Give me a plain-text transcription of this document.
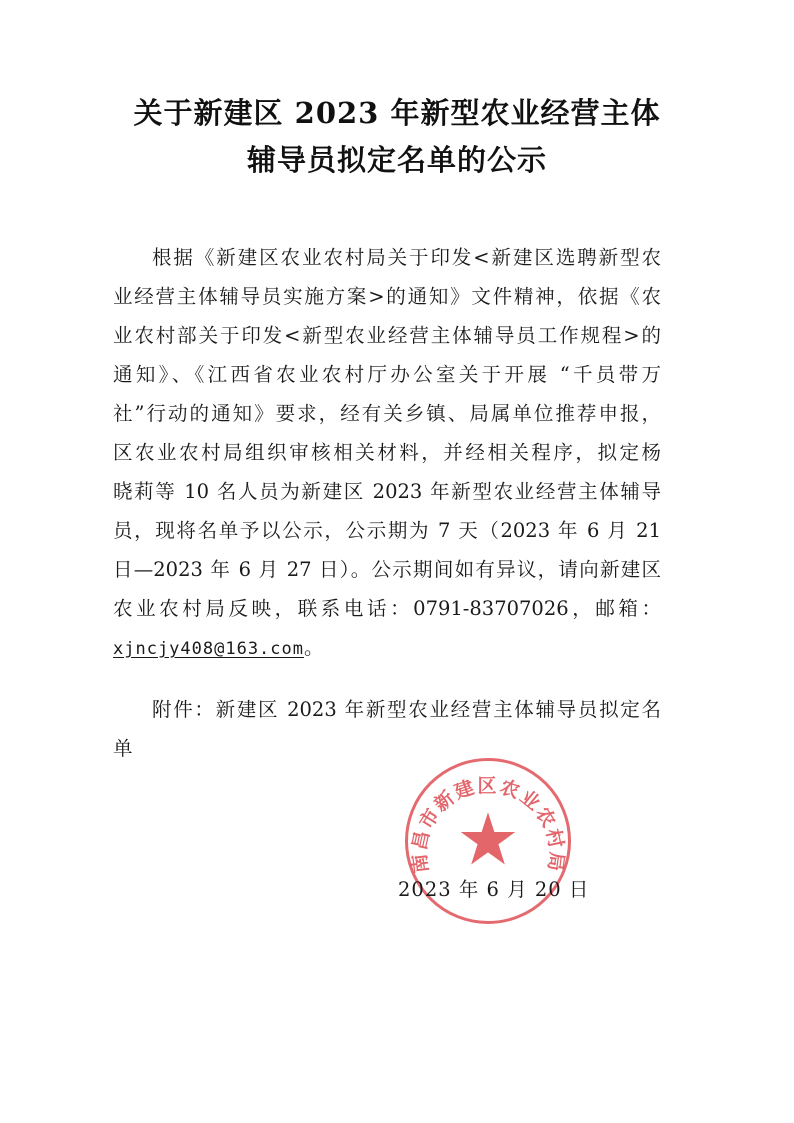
关于新建区 2023 年新型农业经营主体
辅导员拟定名单的公示

根据《新建区农业农村局关于印发<新建区选聘新型农

业经营主体辅导员实施方案>的通知》文件精神，依据《农

业农村部关于印发<新型农业经营主体辅导员工作规程>的

通知》、《江西省农业农村厅办公室关于开展 “千员带万

社”行动的通知》要求，经有关乡镇、局属单位推荐申报，

区农业农村局组织审核相关材料，并经相关程序，拟定杨

晓莉等 10 名人员为新建区 2023 年新型农业经营主体辅导

员，现将名单予以公示，公示期为 7 天（2023 年 6 月 21

日—2023 年 6 月 27 日）。公示期间如有异议，请向新建区

农业农村局反映，联系电话：0791-83707026，邮箱：

xjncjy408@163.com。

附件：新建区 2023 年新型农业经营主体辅导员拟定名

单

南昌市新建区农业农村局
2023 年 6 月 20 日
